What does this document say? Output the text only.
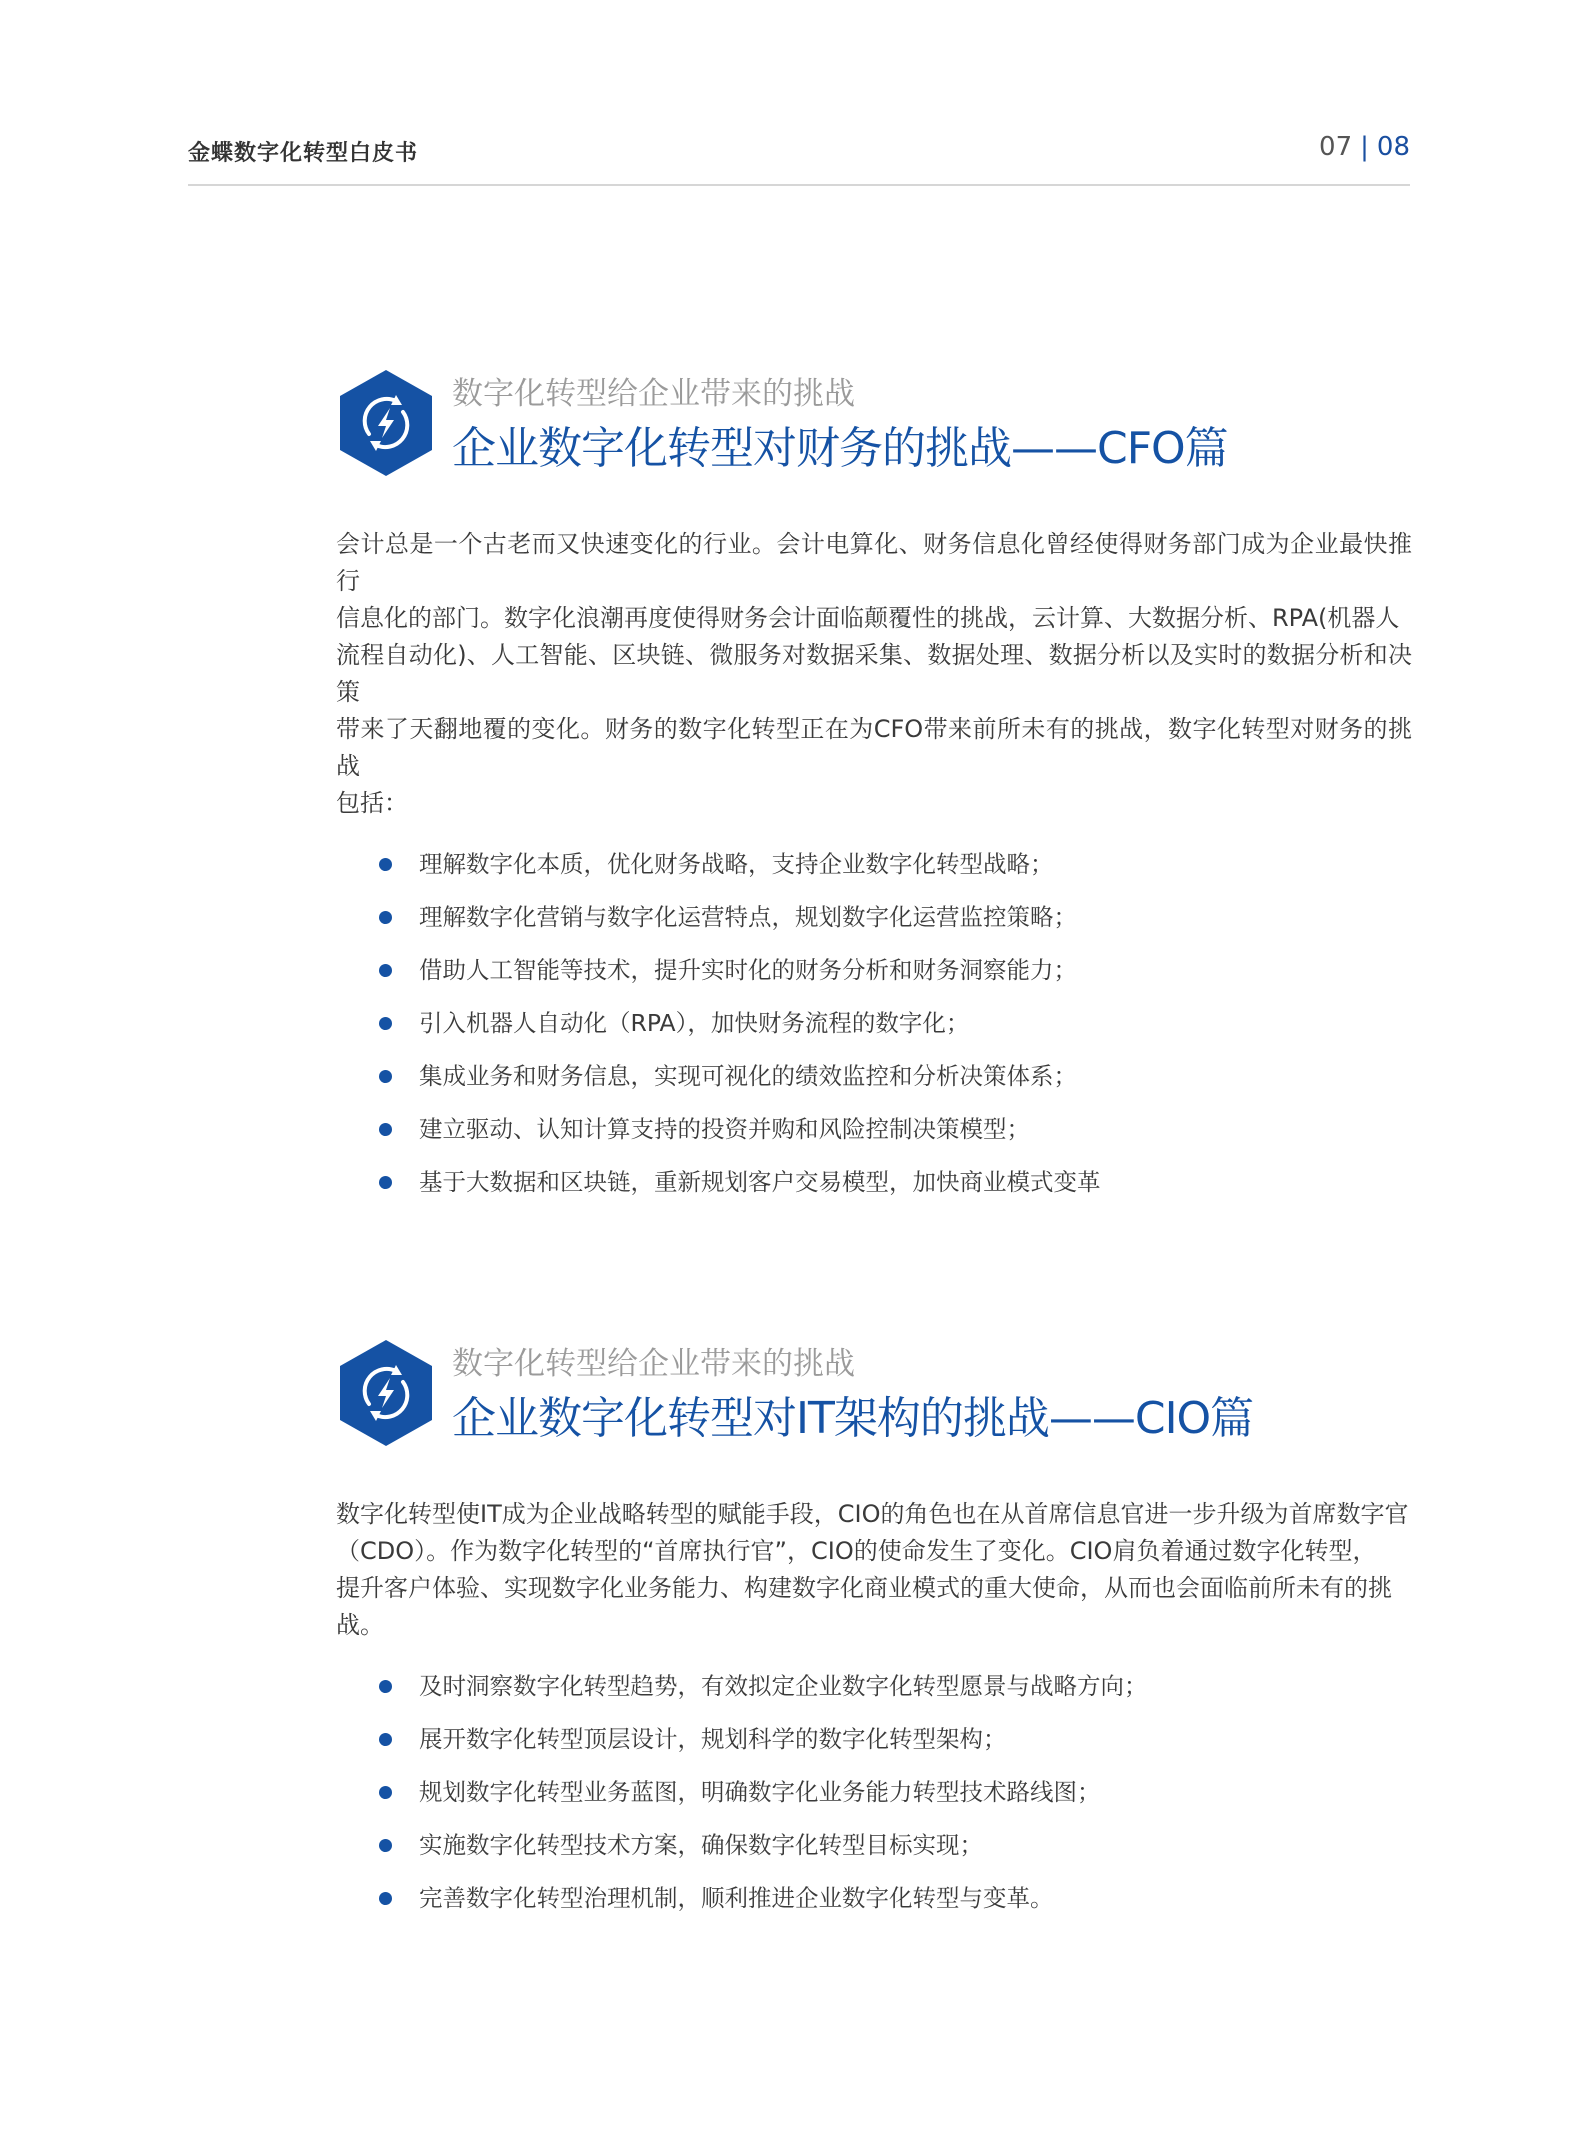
金蝶数字化转型白皮书	07 | 08
数字化转型给企业带来的挑战
企业数字化转型对财务的挑战——CFO篇

会计总是一个古老而又快速变化的行业。会计电算化、财务信息化曾经使得财务部门成为企业最快推行
信息化的部门。数字化浪潮再度使得财务会计面临颠覆性的挑战，云计算、大数据分析、RPA(机器人
流程自动化)、人工智能、区块链、微服务对数据采集、数据处理、数据分析以及实时的数据分析和决策
带来了天翻地覆的变化。财务的数字化转型正在为CFO带来前所未有的挑战，数字化转型对财务的挑战
包括：

理解数字化本质，优化财务战略，支持企业数字化转型战略；
理解数字化营销与数字化运营特点，规划数字化运营监控策略；
借助人工智能等技术，提升实时化的财务分析和财务洞察能力；
引入机器人自动化（RPA），加快财务流程的数字化；
集成业务和财务信息，实现可视化的绩效监控和分析决策体系；
建立驱动、认知计算支持的投资并购和风险控制决策模型；
基于大数据和区块链，重新规划客户交易模型，加快商业模式变革
数字化转型给企业带来的挑战
企业数字化转型对IT架构的挑战——CIO篇

数字化转型使IT成为企业战略转型的赋能手段，CIO的角色也在从首席信息官进一步升级为首席数字官
（CDO）。作为数字化转型的“首席执行官”，CIO的使命发生了变化。CIO肩负着通过数字化转型，
提升客户体验、实现数字化业务能力、构建数字化商业模式的重大使命，从而也会面临前所未有的挑
战。

及时洞察数字化转型趋势，有效拟定企业数字化转型愿景与战略方向；
展开数字化转型顶层设计，规划科学的数字化转型架构；
规划数字化转型业务蓝图，明确数字化业务能力转型技术路线图；
实施数字化转型技术方案，确保数字化转型目标实现；
完善数字化转型治理机制，顺利推进企业数字化转型与变革。
